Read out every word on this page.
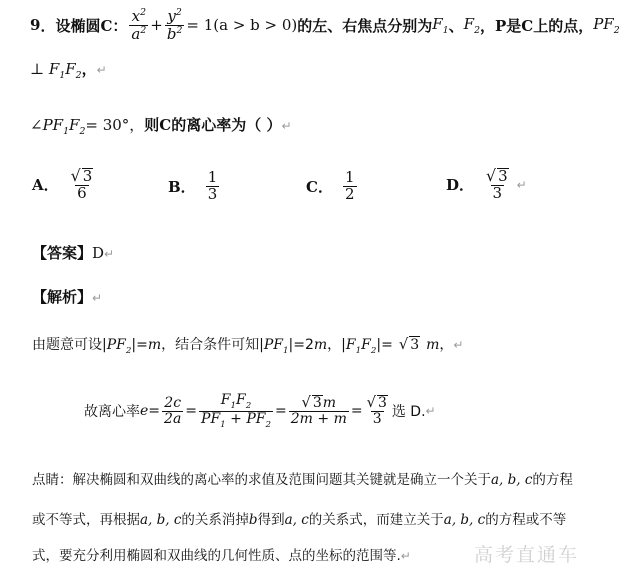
9 ． 设椭圆C： $\frac{x^2}{a^2} + \frac{y^2}{b^2} = 1(a > b > 0)$ 的左、右焦点分别为 $F_1$ 、 $F_2$ ，P是C上的点， $PF_2$
⊥ $F_1F_2$，↵
$\angle PF_1F_2= 30^\circ$，则C的离心率为（ ）↵
A． $\frac{√ 3}{6}$	B． $\frac{1}{3}$	C． $\frac{1}{2}$	D． $\frac{√ 3}{3}$ ↵
【答案】D↵
【解析】↵
由题意可设$|PF_2|=m$，结合条件可知$|PF_1|=2m$，$|F_1F_2|=$ √ 3 m，↵
故离心率 $e = \frac{2c}{2a} = \frac{F_1F_2}{PF_1 + PF_2} = \frac{√ 3m}{2m + m} = \frac{√ 3}{3}$ 选 D. ↵
点睛：解决椭圆和双曲线的离心率的求值及范围问题其关键就是确立一个关于a, b, c的方程
或不等式，再根据a, b, c的关系消掉b得到a, c的关系式，而建立关于a, b, c的方程或不等
式，要充分利用椭圆和双曲线的几何性质、点的坐标的范围等.↵	高考直通车
